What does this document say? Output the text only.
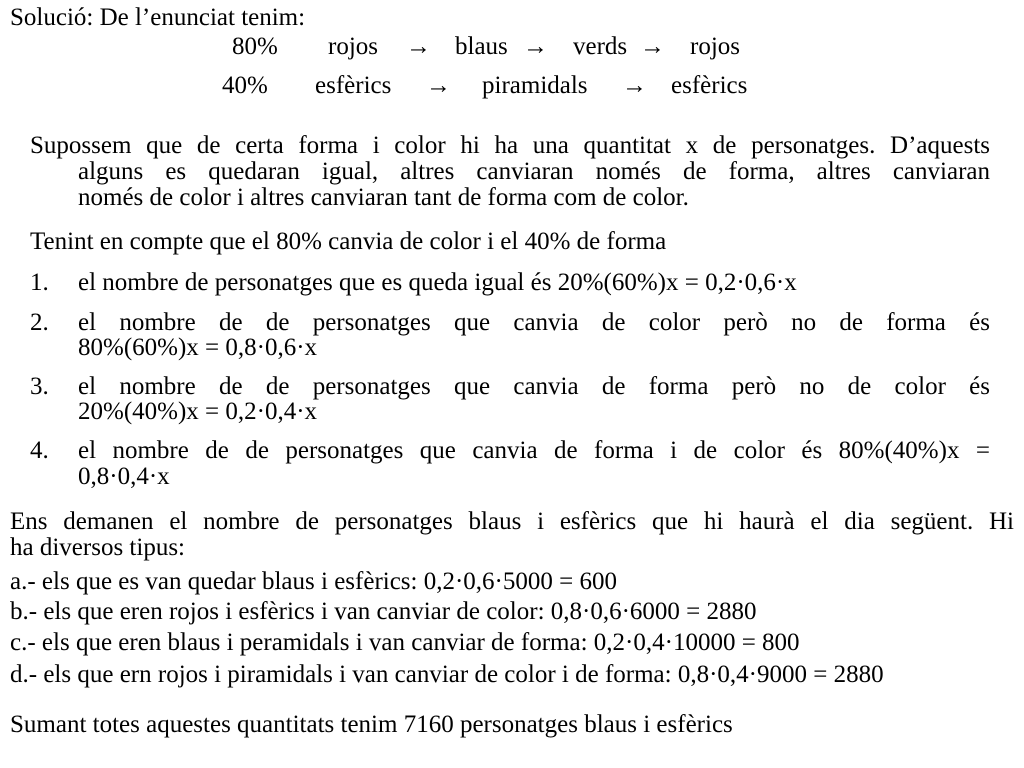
Solució: De l’enunciat tenim:
80% rojos → blaus → verds → rojos
40% esfèrics → piramidals → esfèrics
Supossem que de certa forma i color hi ha una quantitat x de personatges. D’aquests
alguns es quedaran igual, altres canviaran només de forma, altres canviaran
només de color i altres canviaran tant de forma com de color.
Tenint en compte que el 80% canvia de color i el 40% de forma
1. el nombre de personatges que es queda igual és 20%(60%)x = 0,2·0,6·x
2. el nombre de de personatges que canvia de color però no de forma és
80%(60%)x = 0,8·0,6·x
3. el nombre de de personatges que canvia de forma però no de color és
20%(40%)x = 0,2·0,4·x
4. el nombre de de personatges que canvia de forma i de color és 80%(40%)x =
0,8·0,4·x
Ens demanen el nombre de personatges blaus i esfèrics que hi haurà el dia següent. Hi
ha diversos tipus:
a.- els que es van quedar blaus i esfèrics: 0,2·0,6·5000 = 600
b.- els que eren rojos i esfèrics i van canviar de color: 0,8·0,6·6000 = 2880
c.- els que eren blaus i peramidals i van canviar de forma: 0,2·0,4·10000 = 800
d.- els que ern rojos i piramidals i van canviar de color i de forma: 0,8·0,4·9000 = 2880
Sumant totes aquestes quantitats tenim 7160 personatges blaus i esfèrics
